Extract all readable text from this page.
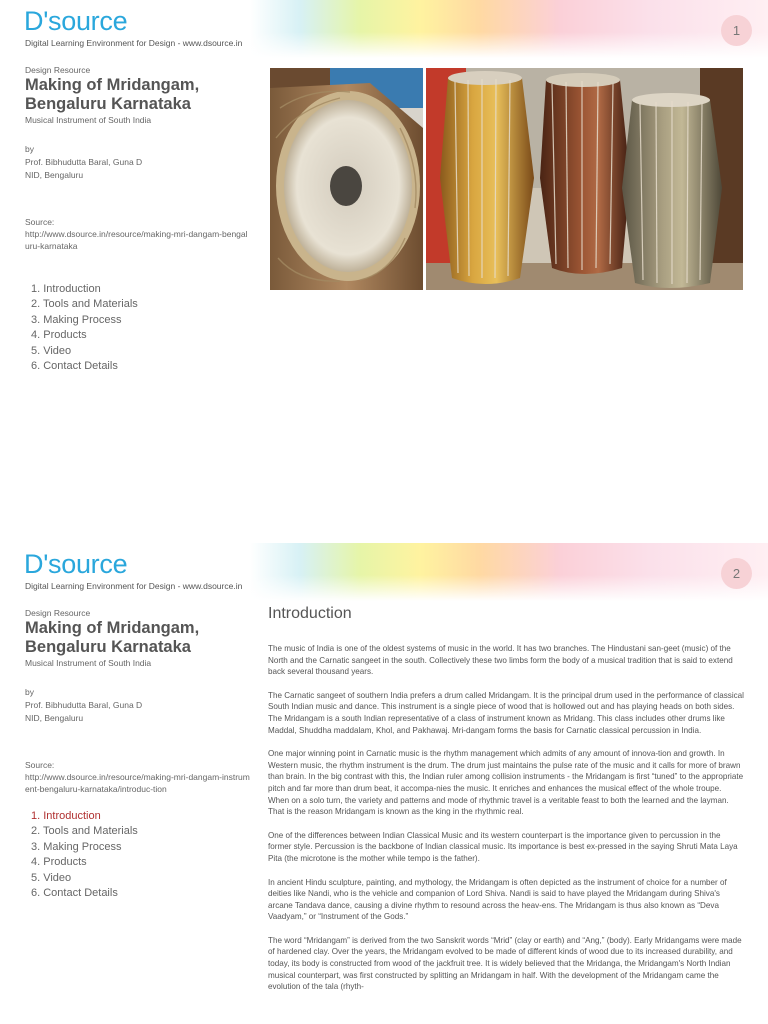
D'source
Digital Learning Environment for Design - www.dsource.in
1
Design Resource
Making of Mridangam,
Bengaluru Karnataka
Musical Instrument of South India
by
Prof. Bibhudutta Baral, Guna D
NID, Bengaluru
Source:
http://www.dsource.in/resource/making-mri-dangam-bengaluru-karnataka
1. Introduction
2. Tools and Materials
3. Making Process
4. Products
5. Video
6. Contact Details
D'source
Digital Learning Environment for Design - www.dsource.in
2
Design Resource
Making of Mridangam,
Bengaluru Karnataka
Musical Instrument of South India
by
Prof. Bibhudutta Baral, Guna D
NID, Bengaluru
Source:
http://www.dsource.in/resource/making-mri-dangam-instrument-bengaluru-karnataka/introduc-tion
1. Introduction
2. Tools and Materials
3. Making Process
4. Products
5. Video
6. Contact Details
Introduction

The music of India is one of the oldest systems of music in the world. It has two branches. The Hindustani san-geet (music) of the North and the Carnatic sangeet in the south. Collectively these two limbs form the body of a musical tradition that is said to extend back several thousand years.

The Carnatic sangeet of southern India prefers a drum called Mridangam. It is the principal drum used in the performance of classical South Indian music and dance. This instrument is a single piece of wood that is hollowed out and has playing heads on both sides. The Mridangam is a south Indian representative of a class of instrument known as Mridang. This class includes other drums like Maddal, Shuddha maddalam, Khol, and Pakhawaj. Mri-dangam forms the basis for Carnatic classical percussion in India.

One major winning point in Carnatic music is the rhythm management which admits of any amount of innova-tion and growth. In Western music, the rhythm instrument is the drum. The drum just maintains the pulse rate of the music and it calls for more of brawn than brain. In the big contrast with this, the Indian ruler among collision instruments - the Mridangam is first “tuned” to the appropriate pitch and far more than drum beat, it accompa-nies the music. It enriches and enhances the musical effect of the whole troupe. When on a solo turn, the variety and patterns and mode of rhythmic travel is a veritable feast to both the learned and the layman. That is the reason Mridangam is known as the king in the rhythmic real.

One of the differences between Indian Classical Music and its western counterpart is the importance given to percussion in the former style. Percussion is the backbone of Indian classical music. Its importance is best ex-pressed in the saying Shruti Mata Laya Pita (the microtone is the mother while tempo is the father).

In ancient Hindu sculpture, painting, and mythology, the Mridangam is often depicted as the instrument of choice for a number of deities like Nandi, who is the vehicle and companion of Lord Shiva. Nandi is said to have played the Mridangam during Shiva's arcane Tandava dance, causing a divine rhythm to resound across the heav-ens. The Mridangam is thus also known as “Deva Vaadyam,” or “Instrument of the Gods.”

The word “Mridangam” is derived from the two Sanskrit words “Mrid” (clay or earth) and “Ang,” (body). Early Mridangams were made of hardened clay. Over the years, the Mridangam evolved to be made of different kinds of wood due to its increased durability, and today, its body is constructed from wood of the jackfruit tree. It is widely believed that the Mridanga, the Mridangam's North Indian musical counterpart, was first constructed by splitting an Mridangam in half. With the development of the Mridangam came the evolution of the tala (rhyth-
